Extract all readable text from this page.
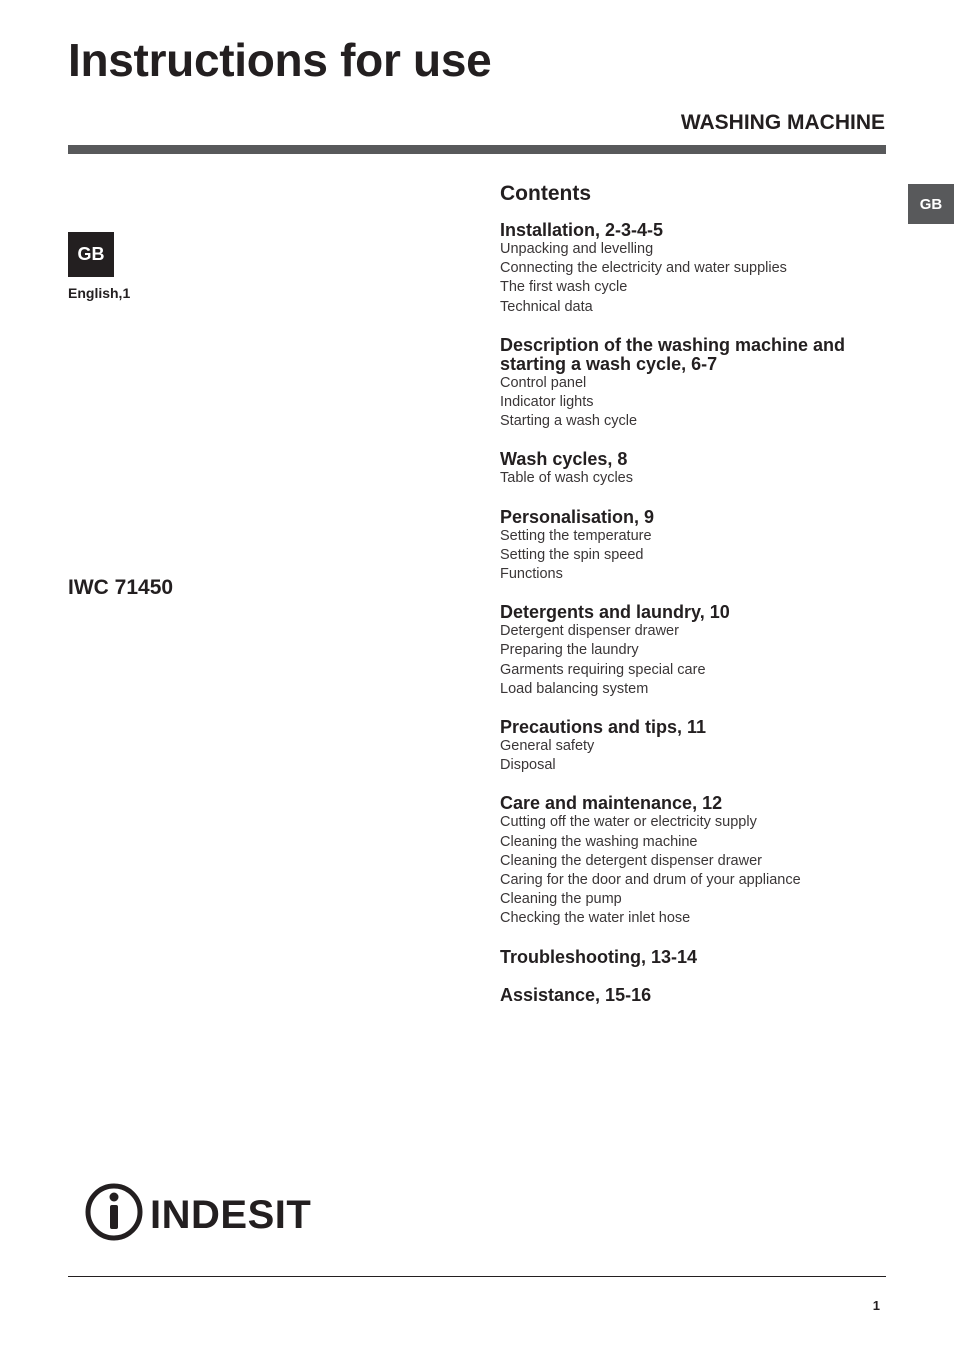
Instructions for use
WASHING MACHINE
GB
GB
English,1
IWC 71450
Contents
Installation, 2-3-4-5
Unpacking and levelling
Connecting the electricity and water supplies
The first wash cycle
Technical data
Description of the washing machine and starting a wash cycle, 6-7
Control panel
Indicator lights
Starting a wash cycle
Wash cycles, 8
Table of wash cycles
Personalisation, 9
Setting the temperature
Setting the spin speed
Functions
Detergents and laundry, 10
Detergent dispenser drawer
Preparing the laundry
Garments requiring special care
Load balancing system
Precautions and tips, 11
General safety
Disposal
Care and maintenance, 12
Cutting off the water or electricity supply
Cleaning the washing machine
Cleaning the detergent dispenser drawer
Caring for the door and drum of your appliance
Cleaning the pump
Checking the water inlet hose
Troubleshooting, 13-14
Assistance, 15-16
INDESIT
1
